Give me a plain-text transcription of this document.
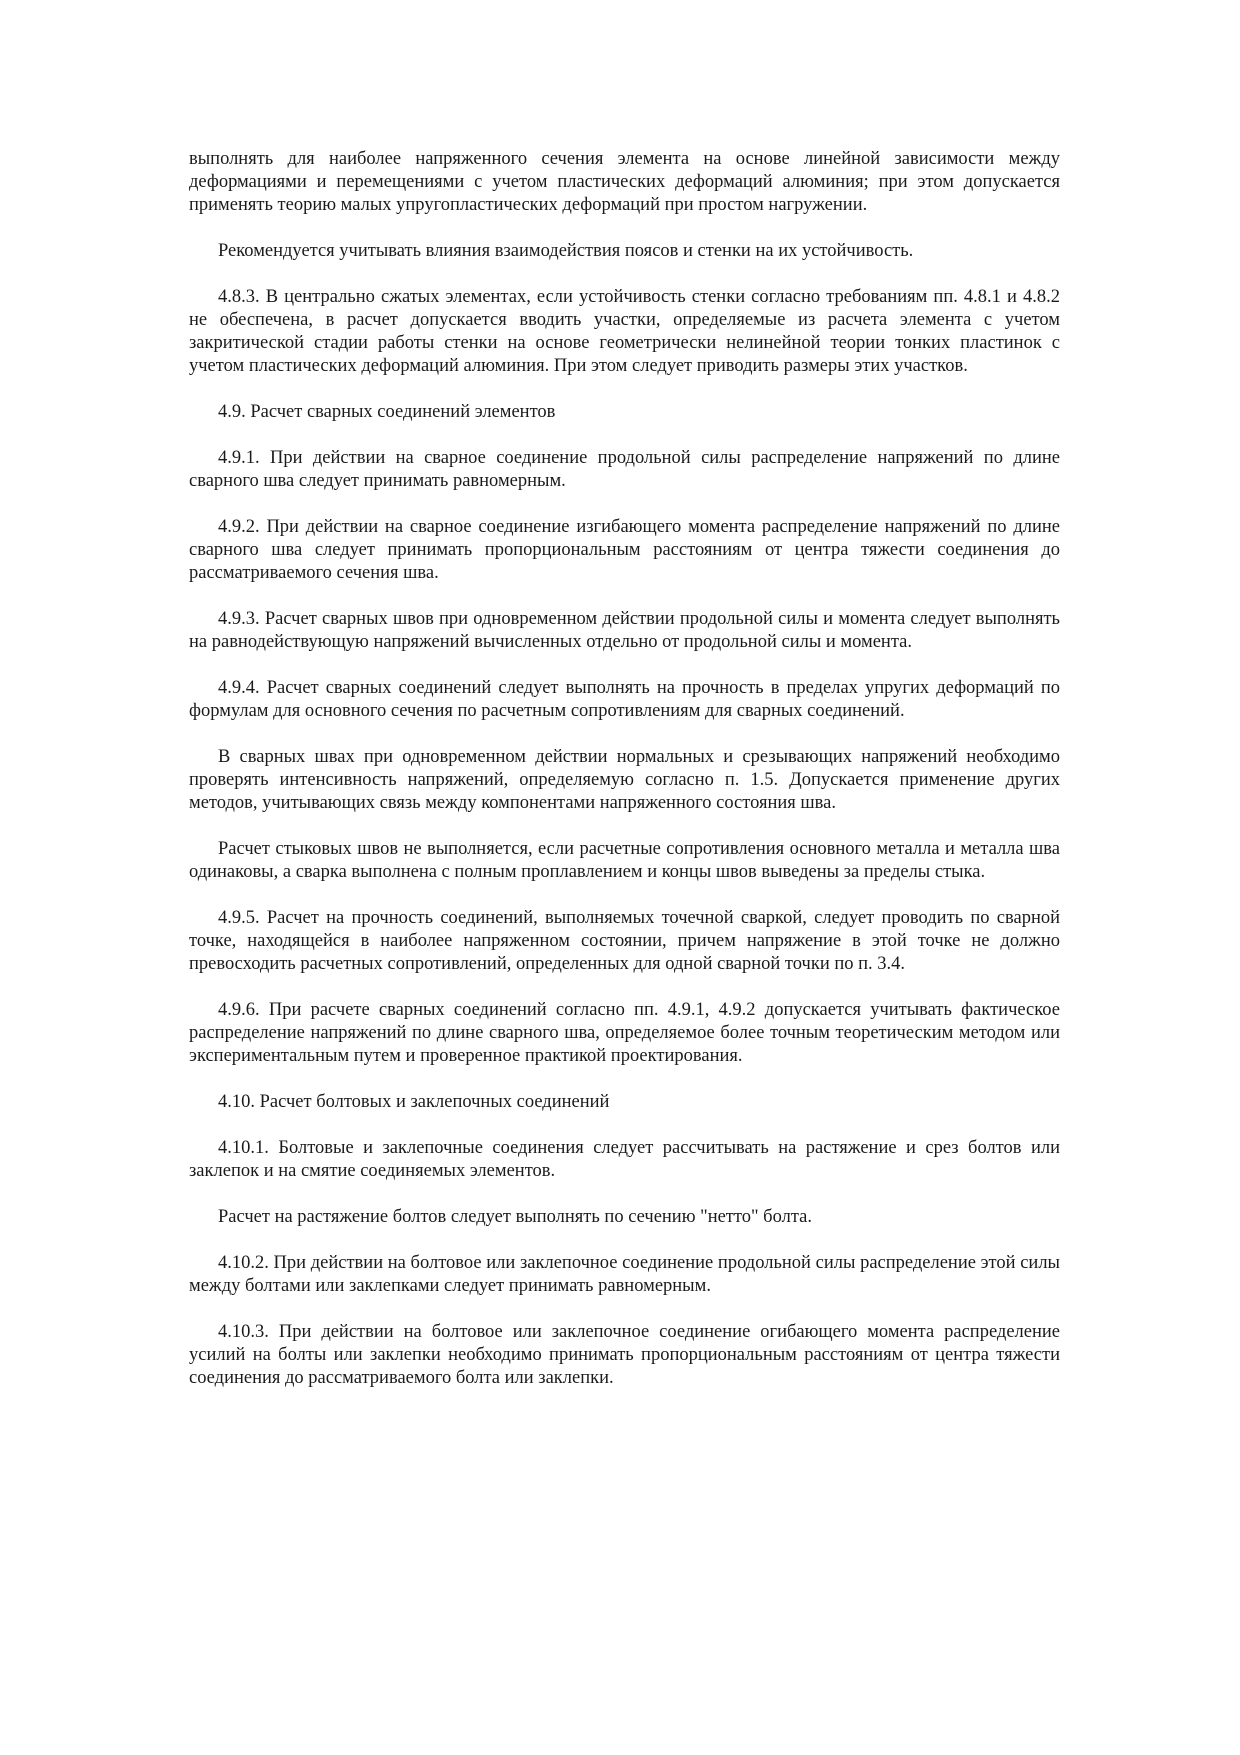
выполнять для наиболее напряженного сечения элемента на основе линейной зависимости между деформациями и перемещениями с учетом пластических деформаций алюминия; при этом допускается применять теорию малых упругопластических деформаций при простом нагружении.

Рекомендуется учитывать влияния взаимодействия поясов и стенки на их устойчивость.

4.8.3. В центрально сжатых элементах, если устойчивость стенки согласно требованиям пп. 4.8.1 и 4.8.2 не обеспечена, в расчет допускается вводить участки, определяемые из расчета элемента с учетом закритической стадии работы стенки на основе геометрически нелинейной теории тонких пластинок с учетом пластических деформаций алюминия. При этом следует приводить размеры этих участков.

4.9. Расчет сварных соединений элементов

4.9.1. При действии на сварное соединение продольной силы распределение напряжений по длине сварного шва следует принимать равномерным.

4.9.2. При действии на сварное соединение изгибающего момента распределение напряжений по длине сварного шва следует принимать пропорциональным расстояниям от центра тяжести соединения до рассматриваемого сечения шва.

4.9.3. Расчет сварных швов при одновременном действии продольной силы и момента следует выполнять на равнодействующую напряжений вычисленных отдельно от продольной силы и момента.

4.9.4. Расчет сварных соединений следует выполнять на прочность в пределах упругих деформаций по формулам для основного сечения по расчетным сопротивлениям для сварных соединений.

В сварных швах при одновременном действии нормальных и срезывающих напряжений необходимо проверять интенсивность напряжений, определяемую согласно п. 1.5. Допускается применение других методов, учитывающих связь между компонентами напряженного состояния шва.

Расчет стыковых швов не выполняется, если расчетные сопротивления основного металла и металла шва одинаковы, а сварка выполнена с полным проплавлением и концы швов выведены за пределы стыка.

4.9.5. Расчет на прочность соединений, выполняемых точечной сваркой, следует проводить по сварной точке, находящейся в наиболее напряженном состоянии, причем напряжение в этой точке не должно превосходить расчетных сопротивлений, определенных для одной сварной точки по п. 3.4.

4.9.6. При расчете сварных соединений согласно пп. 4.9.1, 4.9.2 допускается учитывать фактическое распределение напряжений по длине сварного шва, определяемое более точным теоретическим методом или экспериментальным путем и проверенное практикой проектирования.

4.10. Расчет болтовых и заклепочных соединений

4.10.1. Болтовые и заклепочные соединения следует рассчитывать на растяжение и срез болтов или заклепок и на смятие соединяемых элементов.

Расчет на растяжение болтов следует выполнять по сечению "нетто" болта.

4.10.2. При действии на болтовое или заклепочное соединение продольной силы распределение этой силы между болтами или заклепками следует принимать равномерным.

4.10.3. При действии на болтовое или заклепочное соединение огибающего момента распределение усилий на болты или заклепки необходимо принимать пропорциональным расстояниям от центра тяжести соединения до рассматриваемого болта или заклепки.
